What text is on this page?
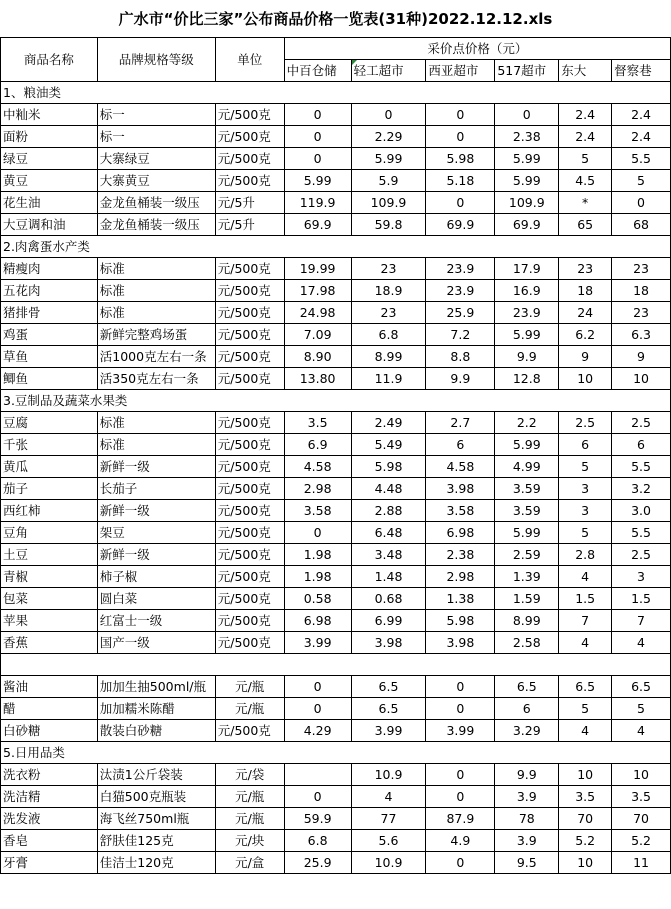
广水市“价比三家”公布商品价格一览表(31种)2022.12.12.xls
商品名称	品牌规格等级	单位	采价点价格（元）					
			中百仓储	轻工超市	西亚超市	517超市	东大	督察巷
1、粮油类								
中籼米	标一	元/500克	0	0	0	0	2.4	2.4
面粉	标一	元/500克	0	2.29	0	2.38	2.4	2.4
绿豆	大寨绿豆	元/500克	0	5.99	5.98	5.99	5	5.5
黄豆	大寨黄豆	元/500克	5.99	5.9	5.18	5.99	4.5	5
花生油	金龙鱼桶装一级压	元/5升	119.9	109.9	0	109.9	*	0
大豆调和油	金龙鱼桶装一级压	元/5升	69.9	59.8	69.9	69.9	65	68
2.肉禽蛋水产类								
精瘦肉	标准	元/500克	19.99	23	23.9	17.9	23	23
五花肉	标准	元/500克	17.98	18.9	23.9	16.9	18	18
猪排骨	标准	元/500克	24.98	23	25.9	23.9	24	23
鸡蛋	新鲜完整鸡场蛋	元/500克	7.09	6.8	7.2	5.99	6.2	6.3
草鱼	活1000克左右一条	元/500克	8.90	8.99	8.8	9.9	9	9
鲫鱼	活350克左右一条	元/500克	13.80	11.9	9.9	12.8	10	10
3.豆制品及蔬菜水果类								
豆腐	标准	元/500克	3.5	2.49	2.7	2.2	2.5	2.5
千张	标准	元/500克	6.9	5.49	6	5.99	6	6
黄瓜	新鲜一级	元/500克	4.58	5.98	4.58	4.99	5	5.5
茄子	长茄子	元/500克	2.98	4.48	3.98	3.59	3	3.2
西红柿	新鲜一级	元/500克	3.58	2.88	3.58	3.59	3	3.0
豆角	架豆	元/500克	0	6.48	6.98	5.99	5	5.5
土豆	新鲜一级	元/500克	1.98	3.48	2.38	2.59	2.8	2.5
青椒	柿子椒	元/500克	1.98	1.48	2.98	1.39	4	3
包菜	圆白菜	元/500克	0.58	0.68	1.38	1.59	1.5	1.5
苹果	红富士一级	元/500克	6.98	6.99	5.98	8.99	7	7
香蕉	国产一级	元/500克	3.99	3.98	3.98	2.58	4	4

酱油	加加生抽500ml/瓶	元/瓶	0	6.5	0	6.5	6.5	6.5
醋	加加糯米陈醋	元/瓶	0	6.5	0	6	5	5
白砂糖	散装白砂糖	元/500克	4.29	3.99	3.99	3.29	4	4
5.日用品类								
洗衣粉	汰渍1公斤袋装	元/袋		10.9	0	9.9	10	10
洗洁精	白猫500克瓶装	元/瓶	0	4	0	3.9	3.5	3.5
洗发液	海飞丝750ml瓶	元/瓶	59.9	77	87.9	78	70	70
香皂	舒肤佳125克	元/块	6.8	5.6	4.9	3.9	5.2	5.2
牙膏	佳洁士120克	元/盒	25.9	10.9	0	9.5	10	11
